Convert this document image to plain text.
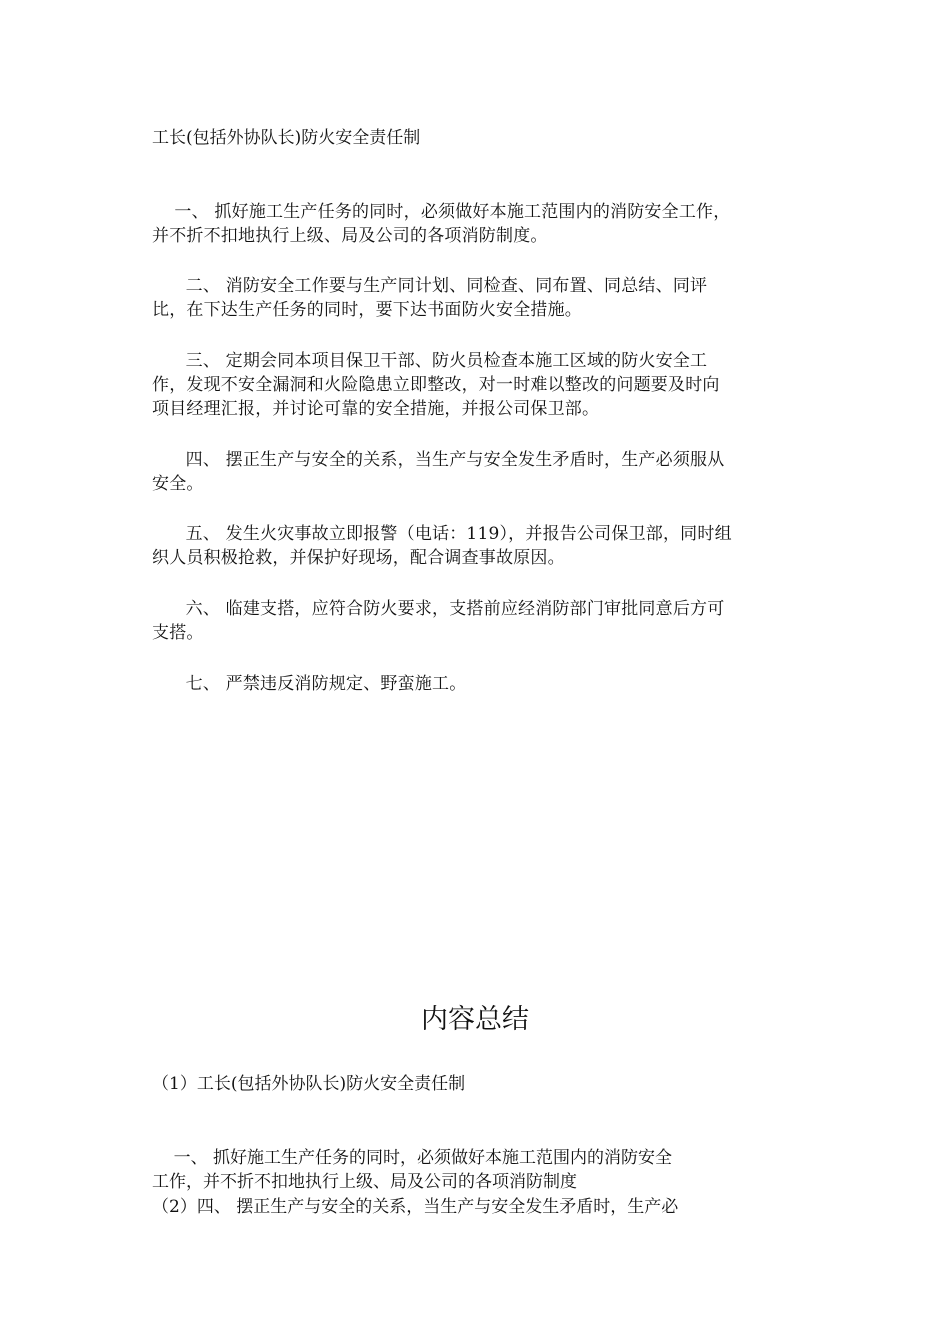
工长(包括外协队长)防火安全责任制
一、 抓好施工生产任务的同时，必须做好本施工范围内的消防安全工作，
并不折不扣地执行上级、局及公司的各项消防制度。
二、 消防安全工作要与生产同计划、同检查、同布置、同总结、同评
比，在下达生产任务的同时，要下达书面防火安全措施。
三、 定期会同本项目保卫干部、防火员检查本施工区域的防火安全工
作，发现不安全漏洞和火险隐患立即整改，对一时难以整改的问题要及时向
项目经理汇报，并讨论可靠的安全措施，并报公司保卫部。
四、 摆正生产与安全的关系，当生产与安全发生矛盾时，生产必须服从
安全。
五、 发生火灾事故立即报警（电话：119），并报告公司保卫部，同时组
织人员积极抢救，并保护好现场，配合调查事故原因。
六、 临建支搭，应符合防火要求，支搭前应经消防部门审批同意后方可
支搭。
七、 严禁违反消防规定、野蛮施工。
内容总结
（1）工长(包括外协队长)防火安全责任制
一、 抓好施工生产任务的同时，必须做好本施工范围内的消防安全
工作，并不折不扣地执行上级、局及公司的各项消防制度
（2）四、 摆正生产与安全的关系，当生产与安全发生矛盾时，生产必
